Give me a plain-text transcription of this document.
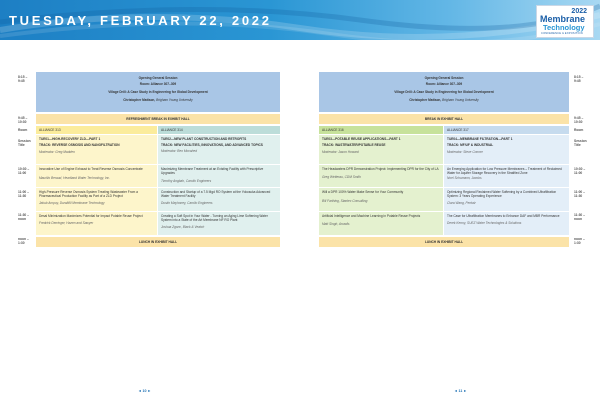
TUESDAY, FEBRUARY 22, 2022
2022
Membrane
Technology
CONFERENCE & EXPOSITION
8:15 –
9:45
9:45 –
10:30
Room
Session
Title
10:30 –
11:00
11:00 –
11:30
11:30 –
noon
noon –
1:30
Opening General Session
Room: Alliance 307–309
Village Drill: A Case Study in Engineering for Global Development
Christopher Mattson, Brigham Young University
REFRESHMENT BREAK IN EXHIBIT HALL
ALLIANCE 313	ALLIANCE 314
TUE01—HIGH-RECOVERY ZLD—PART 1
TRACK: REVERSE OSMOSIS AND NANOFILTRATION
Moderator: Greg Madden
TUE02—NEW PLANT CONSTRUCTION AND RETROFITS
TRACK: NEW FACILITIES, INNOVATIONS, AND ADVANCED TOPICS
Moderator: Ben Movahed
Innovative Use of Engine Exhaust to Treat Reverse Osmosis Concentrate
Maurilio Beraud, Heartland Water Technology, Inc.
Maximizing Membrane Treatment at an Existing Facility with Prescriptive Upgrades
Timothy Angbah, Carollo Engineers
High-Pressure Reverse Osmosis System Treating Wastewater From a Pharmaceutical Production Facility as Part of a ZLD Project
Jakub Ampuy, DuraMill Membrane Technology
Construction and Startup of a 7.5 Mgd RO System at the Yokosuka Advanced Water Treatment Facility
Dustin Mayhoney, Carollo Engineers
Desal Minimization Maximizes Potential for Impact Potable Reuse Project
Fredrick Derringer, Hazen and Sawyer
Creating a Soft Spot in Your Water - Turning an Aging Lime Softening Water System into a State of the Art Membrane NF RO Plant
Joshua Zgonc, Black & Veatch
LUNCH IN EXHIBIT HALL
◄ 10 ►
Opening General Session
Room: Alliance 307–309
Village Drill: A Case Study in Engineering for Global Development
Christopher Mattson, Brigham Young University
BREAK IN EXHIBIT HALL
ALLIANCE 316	ALLIANCE 317
TUE03—POTABLE REUSE APPLICATIONS—PART 1
TRACK: WASTEWATER/POTABLE REUSE
Moderator: Jason Howard
TUE04—MEMBRANE FILTRATION—PART 1
TRACK: MF/UF & INDUSTRIAL
Moderator: Steve Conner
The Headwaters DPR Demonstration Project: Implementing DPR for the City of LA
Greg Wetterau, CDM Smith
An Emerging Application for Low Pressure Membranes – Treatment of Reclaimed Water for Aquifer Storage Recovery in the Stratified Zone
Noel Schumann, Jacobs
Will a DPR 100% Water Make Sense for Your Community
Bill Farthing, Stantec Consulting
Optimizing Regional Reclaimed Water Softening by a Combined Ultrafiltration System: 3 Years Operating Experience
Clara Wang, Pentair
Artificial Intelligence and Machine Learning in Potable Reuse Projects
Matt Singh, Arcadis
The Case for Ultrafiltration Membranes to Enhance DAF and MBR Performance
Derek Kenny, SUEZ Water Technologies & Solutions
LUNCH IN EXHIBIT HALL
8:15 –
9:45
9:45 –
10:30
Room
Session
Title
10:30 –
11:00
11:00 –
11:30
11:30 –
noon
noon –
1:30
◄ 11 ►
